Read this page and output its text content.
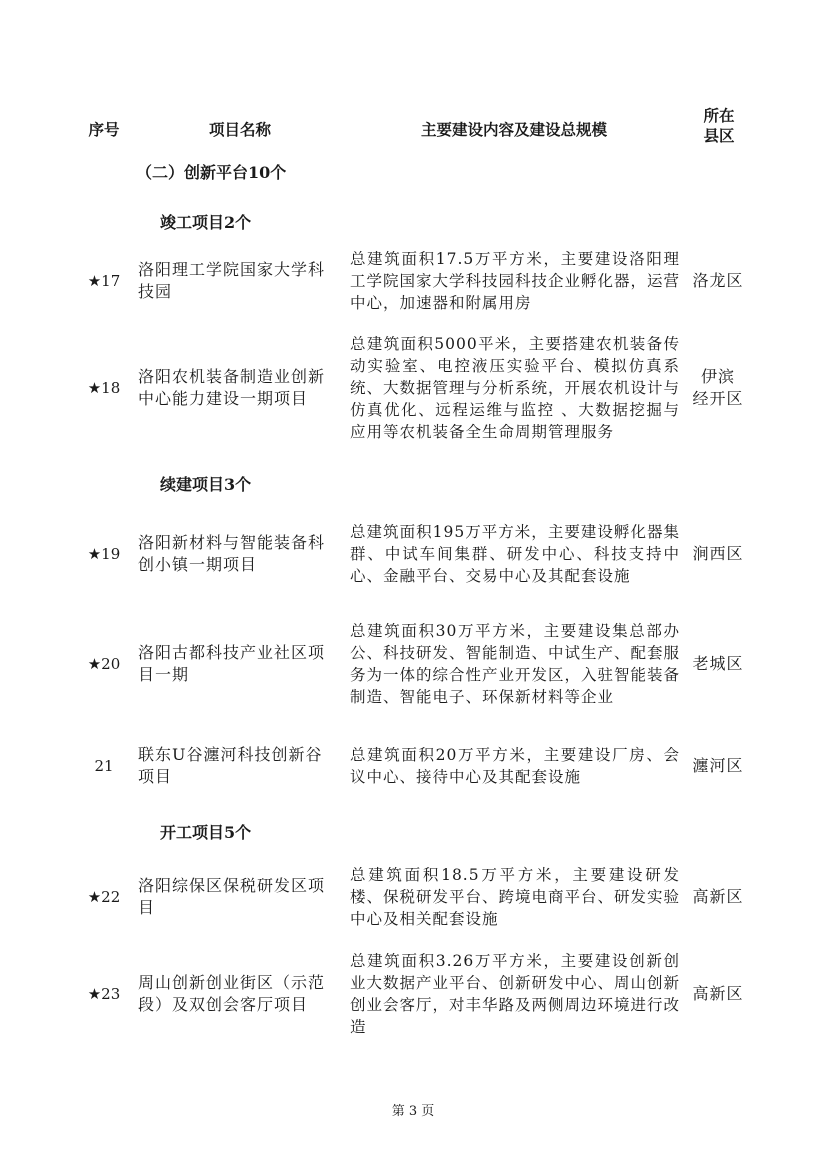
序号	项目名称	主要建设内容及建设总规模
所在
县区
（二）创新平台10个
竣工项目2个
★17
洛阳理工学院国家大学科技园
总建筑面积17.5万平方米，主要建设洛阳理工学院国家大学科技园科技企业孵化器，运营中心，加速器和附属用房
洛龙区
★18
洛阳农机装备制造业创新中心能力建设一期项目
总建筑面积5000平米，主要搭建农机装备传动实验室、电控液压实验平台、模拟仿真系统、大数据管理与分析系统，开展农机设计与仿真优化、远程运维与监控 、大数据挖掘与应用等农机装备全生命周期管理服务
伊滨
经开区
续建项目3个
★19
洛阳新材料与智能装备科创小镇一期项目
总建筑面积195万平方米，主要建设孵化器集群、中试车间集群、研发中心、科技支持中心、金融平台、交易中心及其配套设施
涧西区
★20
洛阳古都科技产业社区项目一期
总建筑面积30万平方米，主要建设集总部办公、科技研发、智能制造、中试生产、配套服务为一体的综合性产业开发区，入驻智能装备制造、智能电子、环保新材料等企业
老城区
21
联东U谷瀍河科技创新谷项目
总建筑面积20万平方米，主要建设厂房、会议中心、接待中心及其配套设施
瀍河区
开工项目5个
★22
洛阳综保区保税研发区项目
总建筑面积18.5万平方米，主要建设研发楼、保税研发平台、跨境电商平台、研发实验中心及相关配套设施
高新区
★23
周山创新创业街区（示范段）及双创会客厅项目
总建筑面积3.26万平方米，主要建设创新创业大数据产业平台、创新研发中心、周山创新创业会客厅，对丰华路及两侧周边环境进行改造
高新区
第 3 页
